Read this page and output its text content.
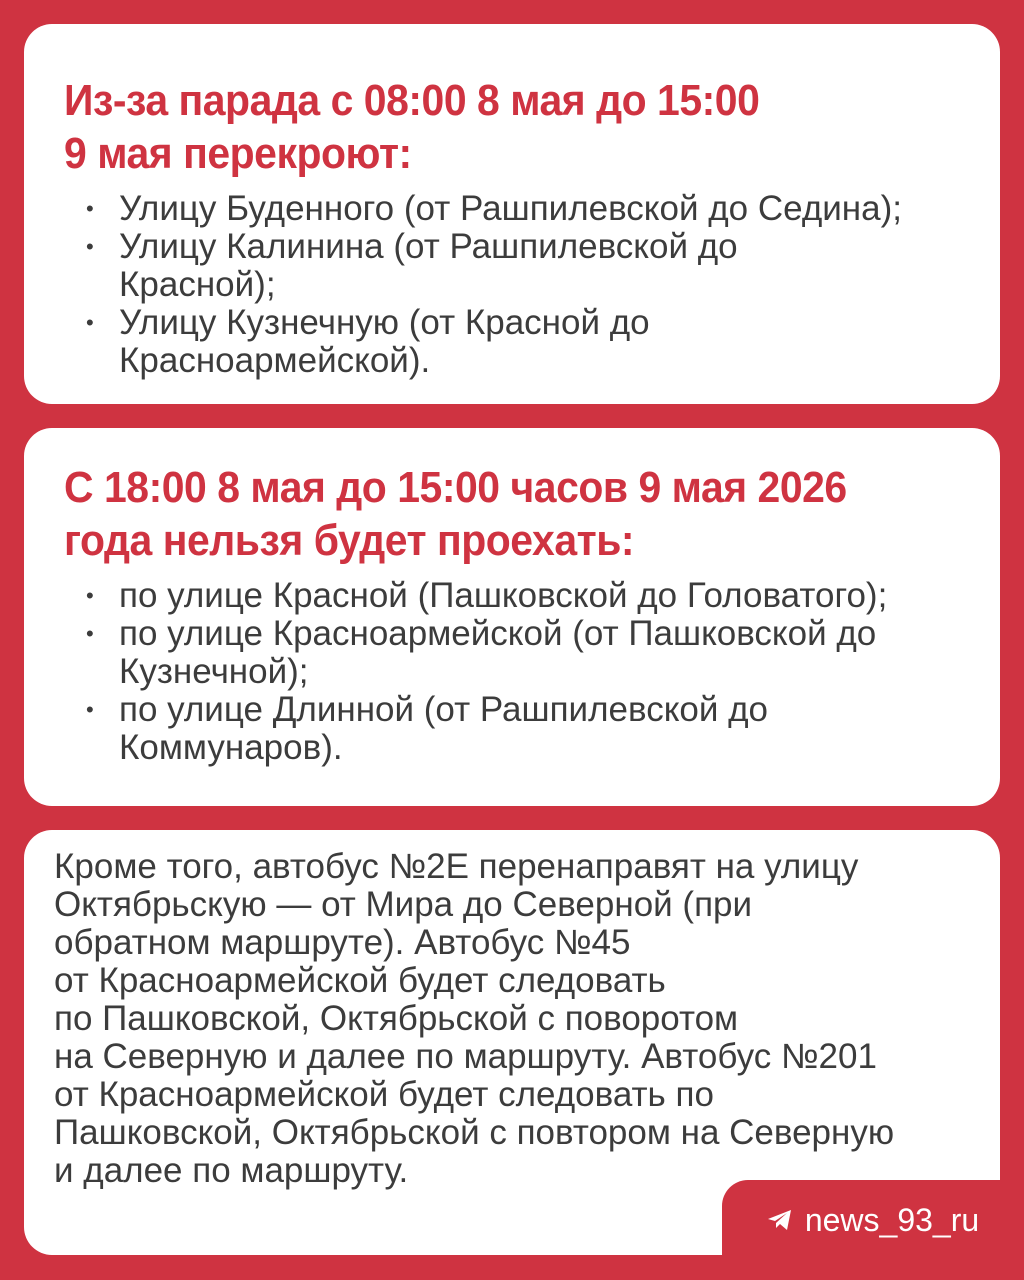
Из-за парада с 08:00 8 мая до 15:00
9 мая перекроют:
• Улицу Буденного (от Рашпилевской до Седина);
• Улицу Калинина (от Рашпилевской до
Красной);
• Улицу Кузнечную (от Красной до
Красноармейской).
С 18:00 8 мая до 15:00 часов 9 мая 2026
года нельзя будет проехать:
• по улице Красной (Пашковской до Головатого);
• по улице Красноармейской (от Пашковской до
Кузнечной);
• по улице Длинной (от Рашпилевской до
Коммунаров).

Кроме того, автобус №2Е перенаправят на улицу
Октябрьскую — от Мира до Северной (при
обратном маршруте). Автобус №45
от Красноармейской будет следовать
по Пашковской, Октябрьской с поворотом
на Северную и далее по маршруту. Автобус №201
от Красноармейской будет следовать по
Пашковской, Октябрьской с повтором на Северную
и далее по маршруту.

news_93_ru
